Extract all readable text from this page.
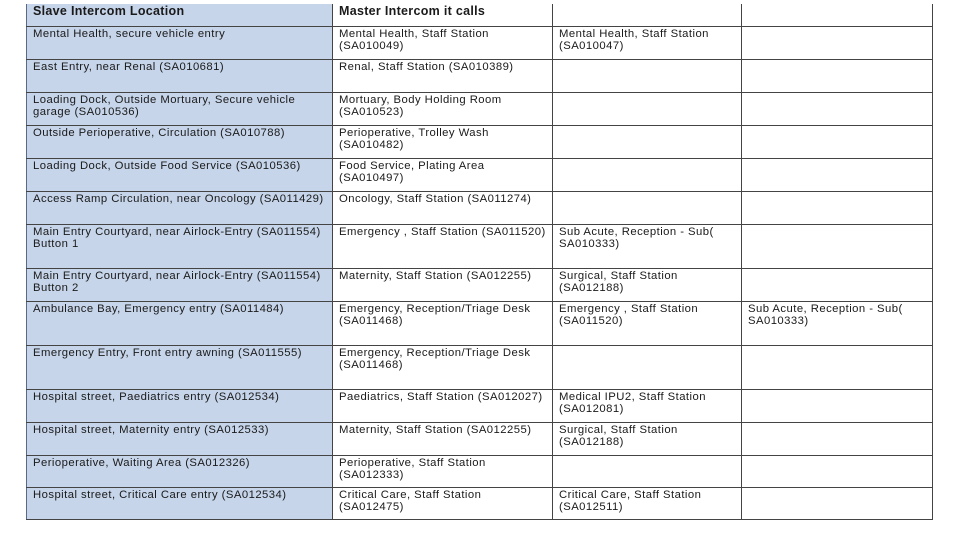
Slave Intercom Location	Master Intercom it calls		
Mental Health, secure vehicle entry	Mental Health, Staff Station (SA010049)	Mental Health, Staff Station (SA010047)	
East Entry, near Renal (SA010681)	Renal, Staff Station (SA010389)		
Loading Dock, Outside Mortuary, Secure vehicle garage (SA010536)	Mortuary, Body Holding Room (SA010523)		
Outside Perioperative, Circulation (SA010788)	Perioperative, Trolley Wash (SA010482)		
Loading Dock, Outside Food Service (SA010536)	Food Service, Plating Area (SA010497)		
Access Ramp Circulation, near Oncology (SA011429)	Oncology, Staff Station (SA011274)		
Main Entry Courtyard, near Airlock-Entry (SA011554) Button 1	Emergency , Staff Station (SA011520)	Sub Acute, Reception - Sub( SA010333)	
Main Entry Courtyard, near Airlock-Entry (SA011554) Button 2	Maternity, Staff Station (SA012255)	Surgical, Staff Station (SA012188)	
Ambulance Bay, Emergency entry (SA011484)	Emergency, Reception/Triage Desk (SA011468)	Emergency , Staff Station (SA011520)	Sub Acute, Reception - Sub( SA010333)
Emergency Entry, Front entry awning (SA011555)	Emergency, Reception/Triage Desk (SA011468)		
Hospital street, Paediatrics entry (SA012534)	Paediatrics, Staff Station (SA012027)	Medical IPU2, Staff Station (SA012081)	
Hospital street, Maternity entry (SA012533)	Maternity, Staff Station (SA012255)	Surgical, Staff Station (SA012188)	
Perioperative, Waiting Area (SA012326)	Perioperative, Staff Station (SA012333)		
Hospital street, Critical Care entry (SA012534)	Critical Care, Staff Station (SA012475)	Critical Care, Staff Station (SA012511)	
